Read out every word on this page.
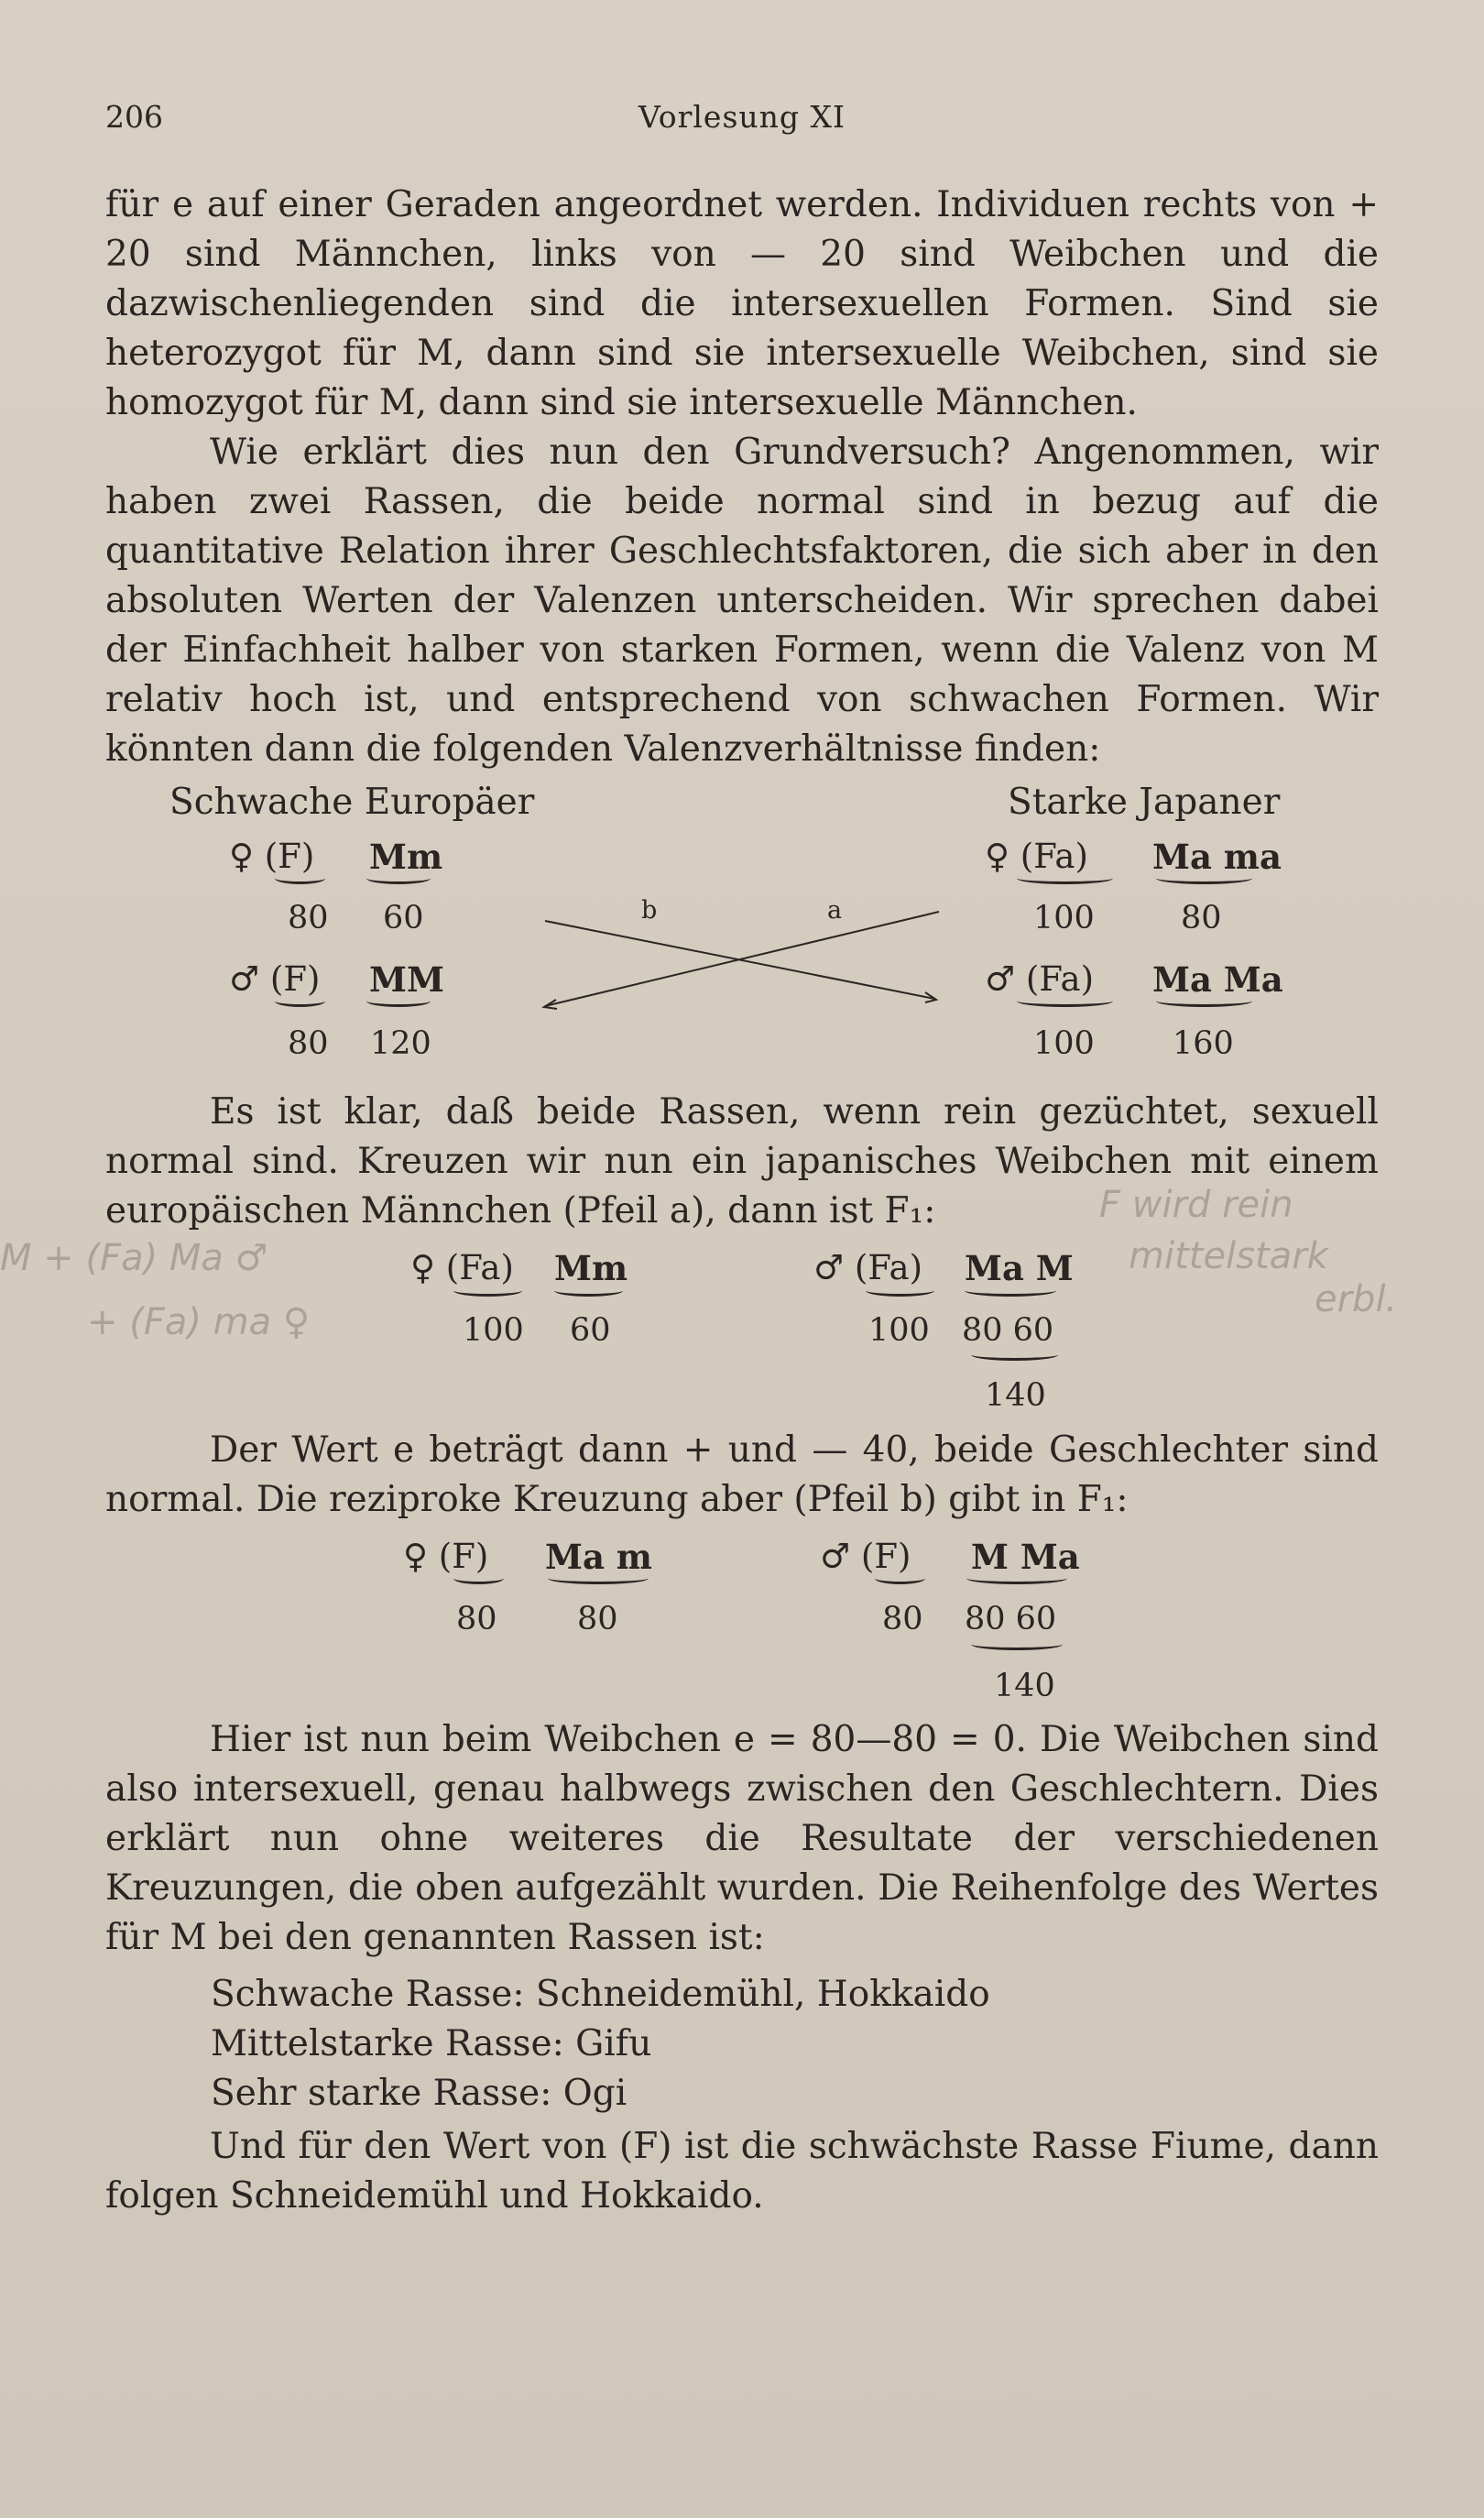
206	Vorlesung XI

für e auf einer Geraden angeordnet werden. Individuen rechts von + 20 sind Männchen, links von — 20 sind Weibchen und die dazwischenliegenden sind die intersexuellen Formen. Sind sie heterozygot für M, dann sind sie intersexuelle Weibchen, sind sie homozygot für M, dann sind sie intersexuelle Männchen.

Wie erklärt dies nun den Grundversuch? Angenommen, wir haben zwei Rassen, die beide normal sind in bezug auf die quantitative Relation ihrer Geschlechtsfaktoren, die sich aber in den absoluten Werten der Valenzen unterscheiden. Wir sprechen dabei der Einfachheit halber von starken Formen, wenn die Valenz von M relativ hoch ist, und entsprechend von schwachen Formen. Wir könnten dann die folgenden Valenzverhältnisse finden:

Schwache Europäer	Starke Japaner
♀ (F) Mm
80 60
♂ (F) MM
80 120
♀ (Fa) Ma ma
100	80
♂ (Fa) Ma Ma
100 160
b	a

Es ist klar, daß beide Rassen, wenn rein gezüchtet, sexuell normal sind. Kreuzen wir nun ein japanisches Weibchen mit einem europäischen Männchen (Pfeil a), dann ist F₁:

♀ (Fa) Mm
100 60
♂ (Fa) Ma M
100 80 60
140

Der Wert e beträgt dann + und — 40, beide Geschlechter sind normal. Die reziproke Kreuzung aber (Pfeil b) gibt in F₁:

♀ (F) Ma m
80 80
♂ (F) M Ma
80 80 60
140

Hier ist nun beim Weibchen e = 80—80 = 0. Die Weibchen sind also intersexuell, genau halbwegs zwischen den Geschlechtern. Dies erklärt nun ohne weiteres die Resultate der verschiedenen Kreuzungen, die oben aufgezählt wurden. Die Reihenfolge des Wertes für M bei den genannten Rassen ist:

Schwache Rasse: Schneidemühl, Hokkaido
Mittelstarke Rasse: Gifu
Sehr starke Rasse: Ogi

Und für den Wert von (F) ist die schwächste Rasse Fiume, dann folgen Schneidemühl und Hokkaido.

M + (Fa) Ma ♂
+ (Fa) ma ♀
F wird rein
mittelstark
erbl.
